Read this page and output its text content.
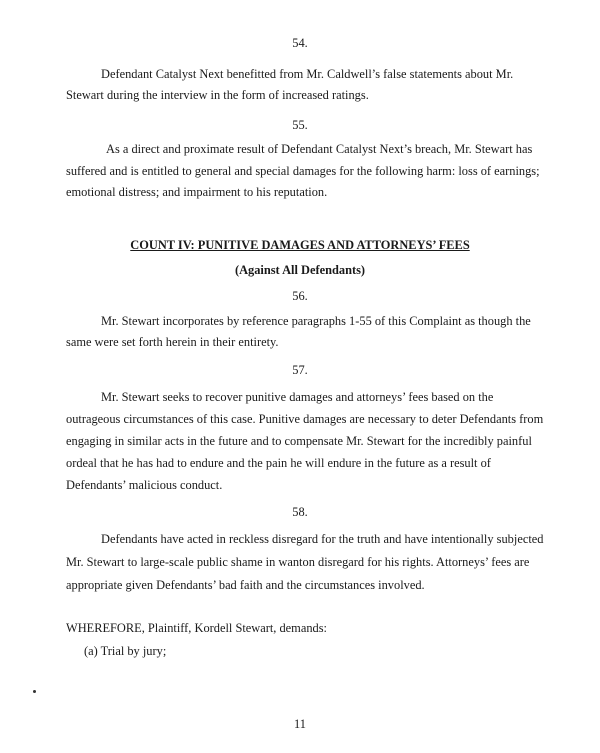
54.
Defendant Catalyst Next benefitted from Mr. Caldwell’s false statements about Mr.
Stewart during the interview in the form of increased ratings.
55.
As a direct and proximate result of Defendant Catalyst Next’s breach, Mr. Stewart has
suffered and is entitled to general and special damages for the following harm: loss of earnings;
emotional distress; and impairment to his reputation.
COUNT IV: PUNITIVE DAMAGES AND ATTORNEYS’ FEES
(Against All Defendants)
56.
Mr. Stewart incorporates by reference paragraphs 1-55 of this Complaint as though the
same were set forth herein in their entirety.
57.
Mr. Stewart seeks to recover punitive damages and attorneys’ fees based on the
outrageous circumstances of this case. Punitive damages are necessary to deter Defendants from
engaging in similar acts in the future and to compensate Mr. Stewart for the incredibly painful
ordeal that he has had to endure and the pain he will endure in the future as a result of
Defendants’ malicious conduct.
58.
Defendants have acted in reckless disregard for the truth and have intentionally subjected
Mr. Stewart to large-scale public shame in wanton disregard for his rights. Attorneys’ fees are
appropriate given Defendants’ bad faith and the circumstances involved.
WHEREFORE, Plaintiff, Kordell Stewart, demands:
(a) Trial by jury;
11
